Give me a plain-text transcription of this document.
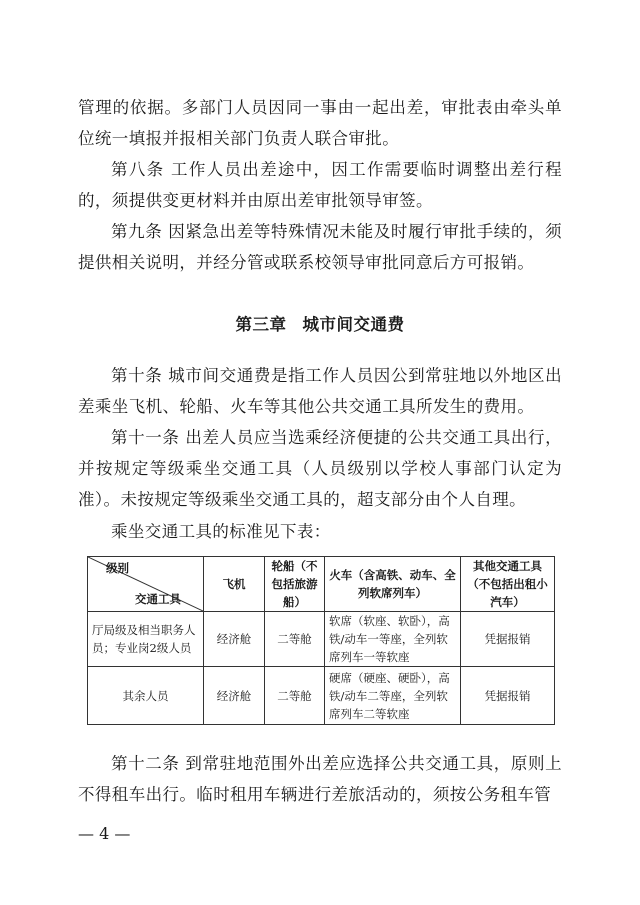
管理的依据。多部门人员因同一事由一起出差，审批表由牵头单位统一填报并报相关部门负责人联合审批。

第八条 工作人员出差途中，因工作需要临时调整出差行程的，须提供变更材料并由原出差审批领导审签。

第九条 因紧急出差等特殊情况未能及时履行审批手续的，须提供相关说明，并经分管或联系校领导审批同意后方可报销。

第三章 城市间交通费

第十条 城市间交通费是指工作人员因公到常驻地以外地区出差乘坐飞机、轮船、火车等其他公共交通工具所发生的费用。

第十一条 出差人员应当选乘经济便捷的公共交通工具出行，并按规定等级乘坐交通工具（人员级别以学校人事部门认定为准）。未按规定等级乘坐交通工具的，超支部分由个人自理。

乘坐交通工具的标准见下表：

级别
交通工具	飞机	轮船（不包括旅游船）	火车（含高铁、动车、全列软席列车）	其他交通工具（不包括出租小汽车）
厅局级及相当职务人员；专业岗2级人员	经济舱	二等舱	软席（软座、软卧），高铁/动车一等座，全列软席列车一等软座	凭据报销
其余人员	经济舱	二等舱	硬席（硬座、硬卧），高铁/动车二等座，全列软席列车二等软座	凭据报销

第十二条 到常驻地范围外出差应选择公共交通工具，原则上不得租车出行。临时租用车辆进行差旅活动的，须按公务租车管

— 4 —
